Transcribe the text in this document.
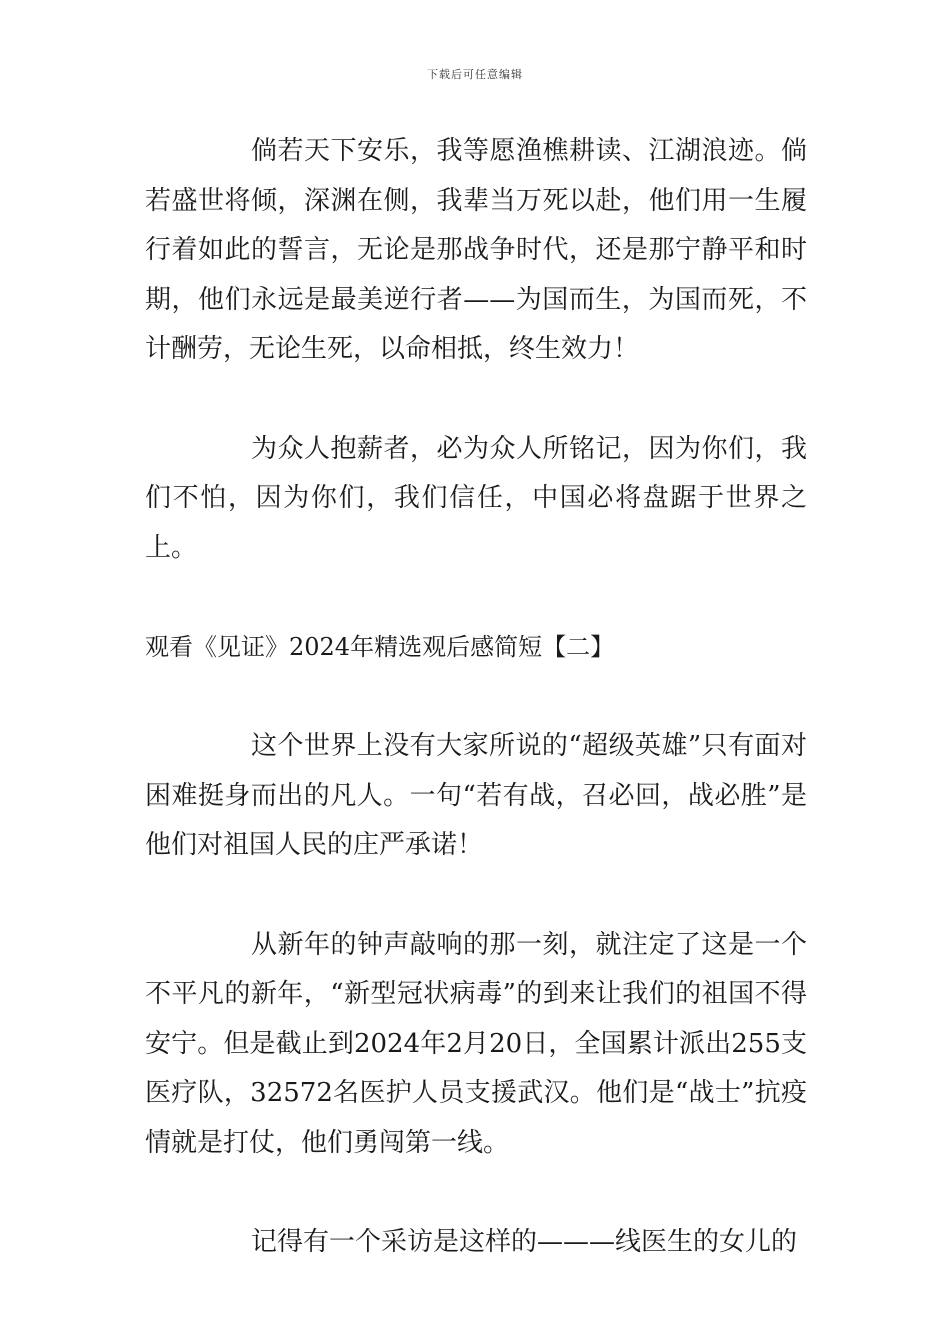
下载后可任意编辑

倘若天下安乐，我等愿渔樵耕读、江湖浪迹。倘若盛世将倾，深渊在侧，我辈当万死以赴，他们用一生履行着如此的誓言，无论是那战争时代，还是那宁静平和时期，他们永远是最美逆行者——为国而生，为国而死，不计酬劳，无论生死，以命相抵，终生效力！

为众人抱薪者，必为众人所铭记，因为你们，我们不怕，因为你们，我们信任，中国必将盘踞于世界之上。

观看《见证》2024年精选观后感简短【二】

这个世界上没有大家所说的“超级英雄”只有面对困难挺身而出的凡人。一句“若有战，召必回，战必胜”是他们对祖国人民的庄严承诺！

从新年的钟声敲响的那一刻，就注定了这是一个不平凡的新年，“新型冠状病毒”的到来让我们的祖国不得安宁。但是截止到2024年2月20日，全国累计派出255支医疗队，32572名医护人员支援武汉。他们是“战士”抗疫情就是打仗，他们勇闯第一线。

记得有一个采访是这样的———线医生的女儿的
